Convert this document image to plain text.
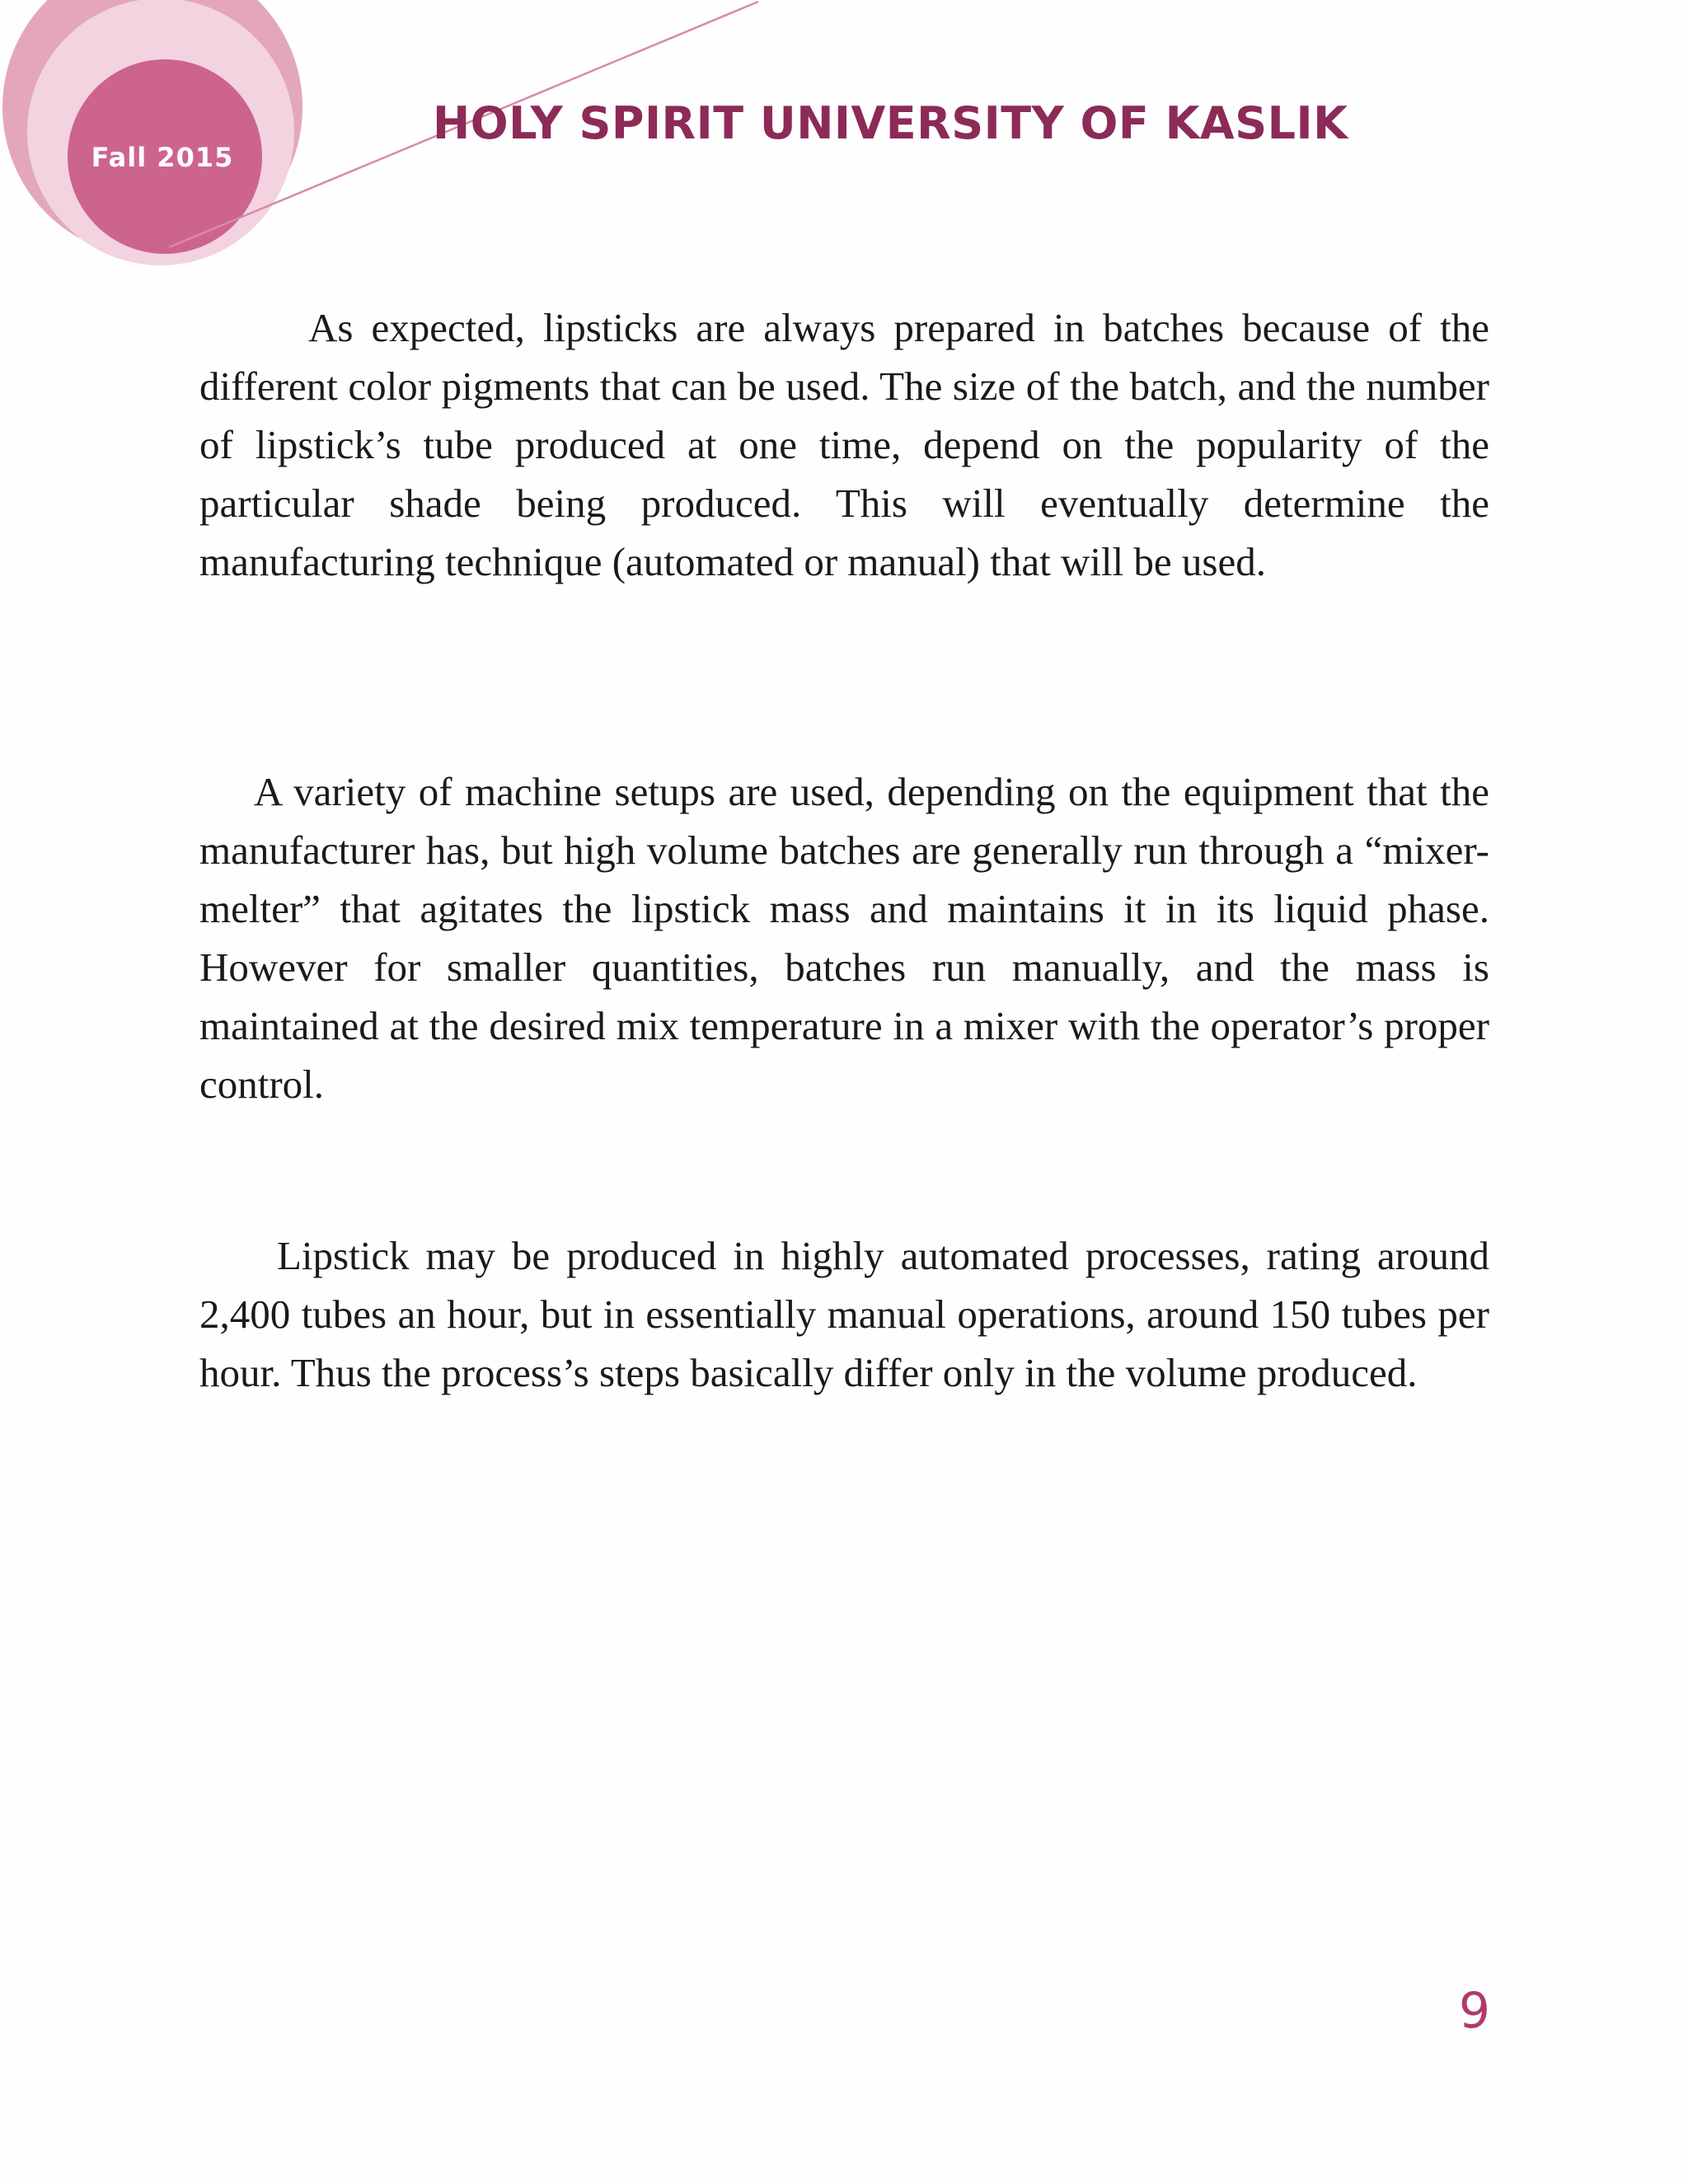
Fall 2015
HOLY SPIRIT UNIVERSITY OF KASLIK

As expected, lipsticks are always prepared in batches because of the different color pigments that can be used. The size of the batch, and the number of lipstick’s tube produced at one time, depend on the popularity of the particular shade being produced. This will eventually determine the manufacturing technique (automated or manual) that will be used.

A variety of machine setups are used, depending on the equipment that the manufacturer has, but high volume batches are generally run through a “mixer-melter” that agitates the lipstick mass and maintains it in its liquid phase. However for smaller quantities, batches run manually, and the mass is maintained at the desired mix temperature in a mixer with the operator’s proper control.

Lipstick may be produced in highly automated processes, rating around 2,400 tubes an hour, but in essentially manual operations, around 150 tubes per hour. Thus the process’s steps basically differ only in the volume produced.

9
